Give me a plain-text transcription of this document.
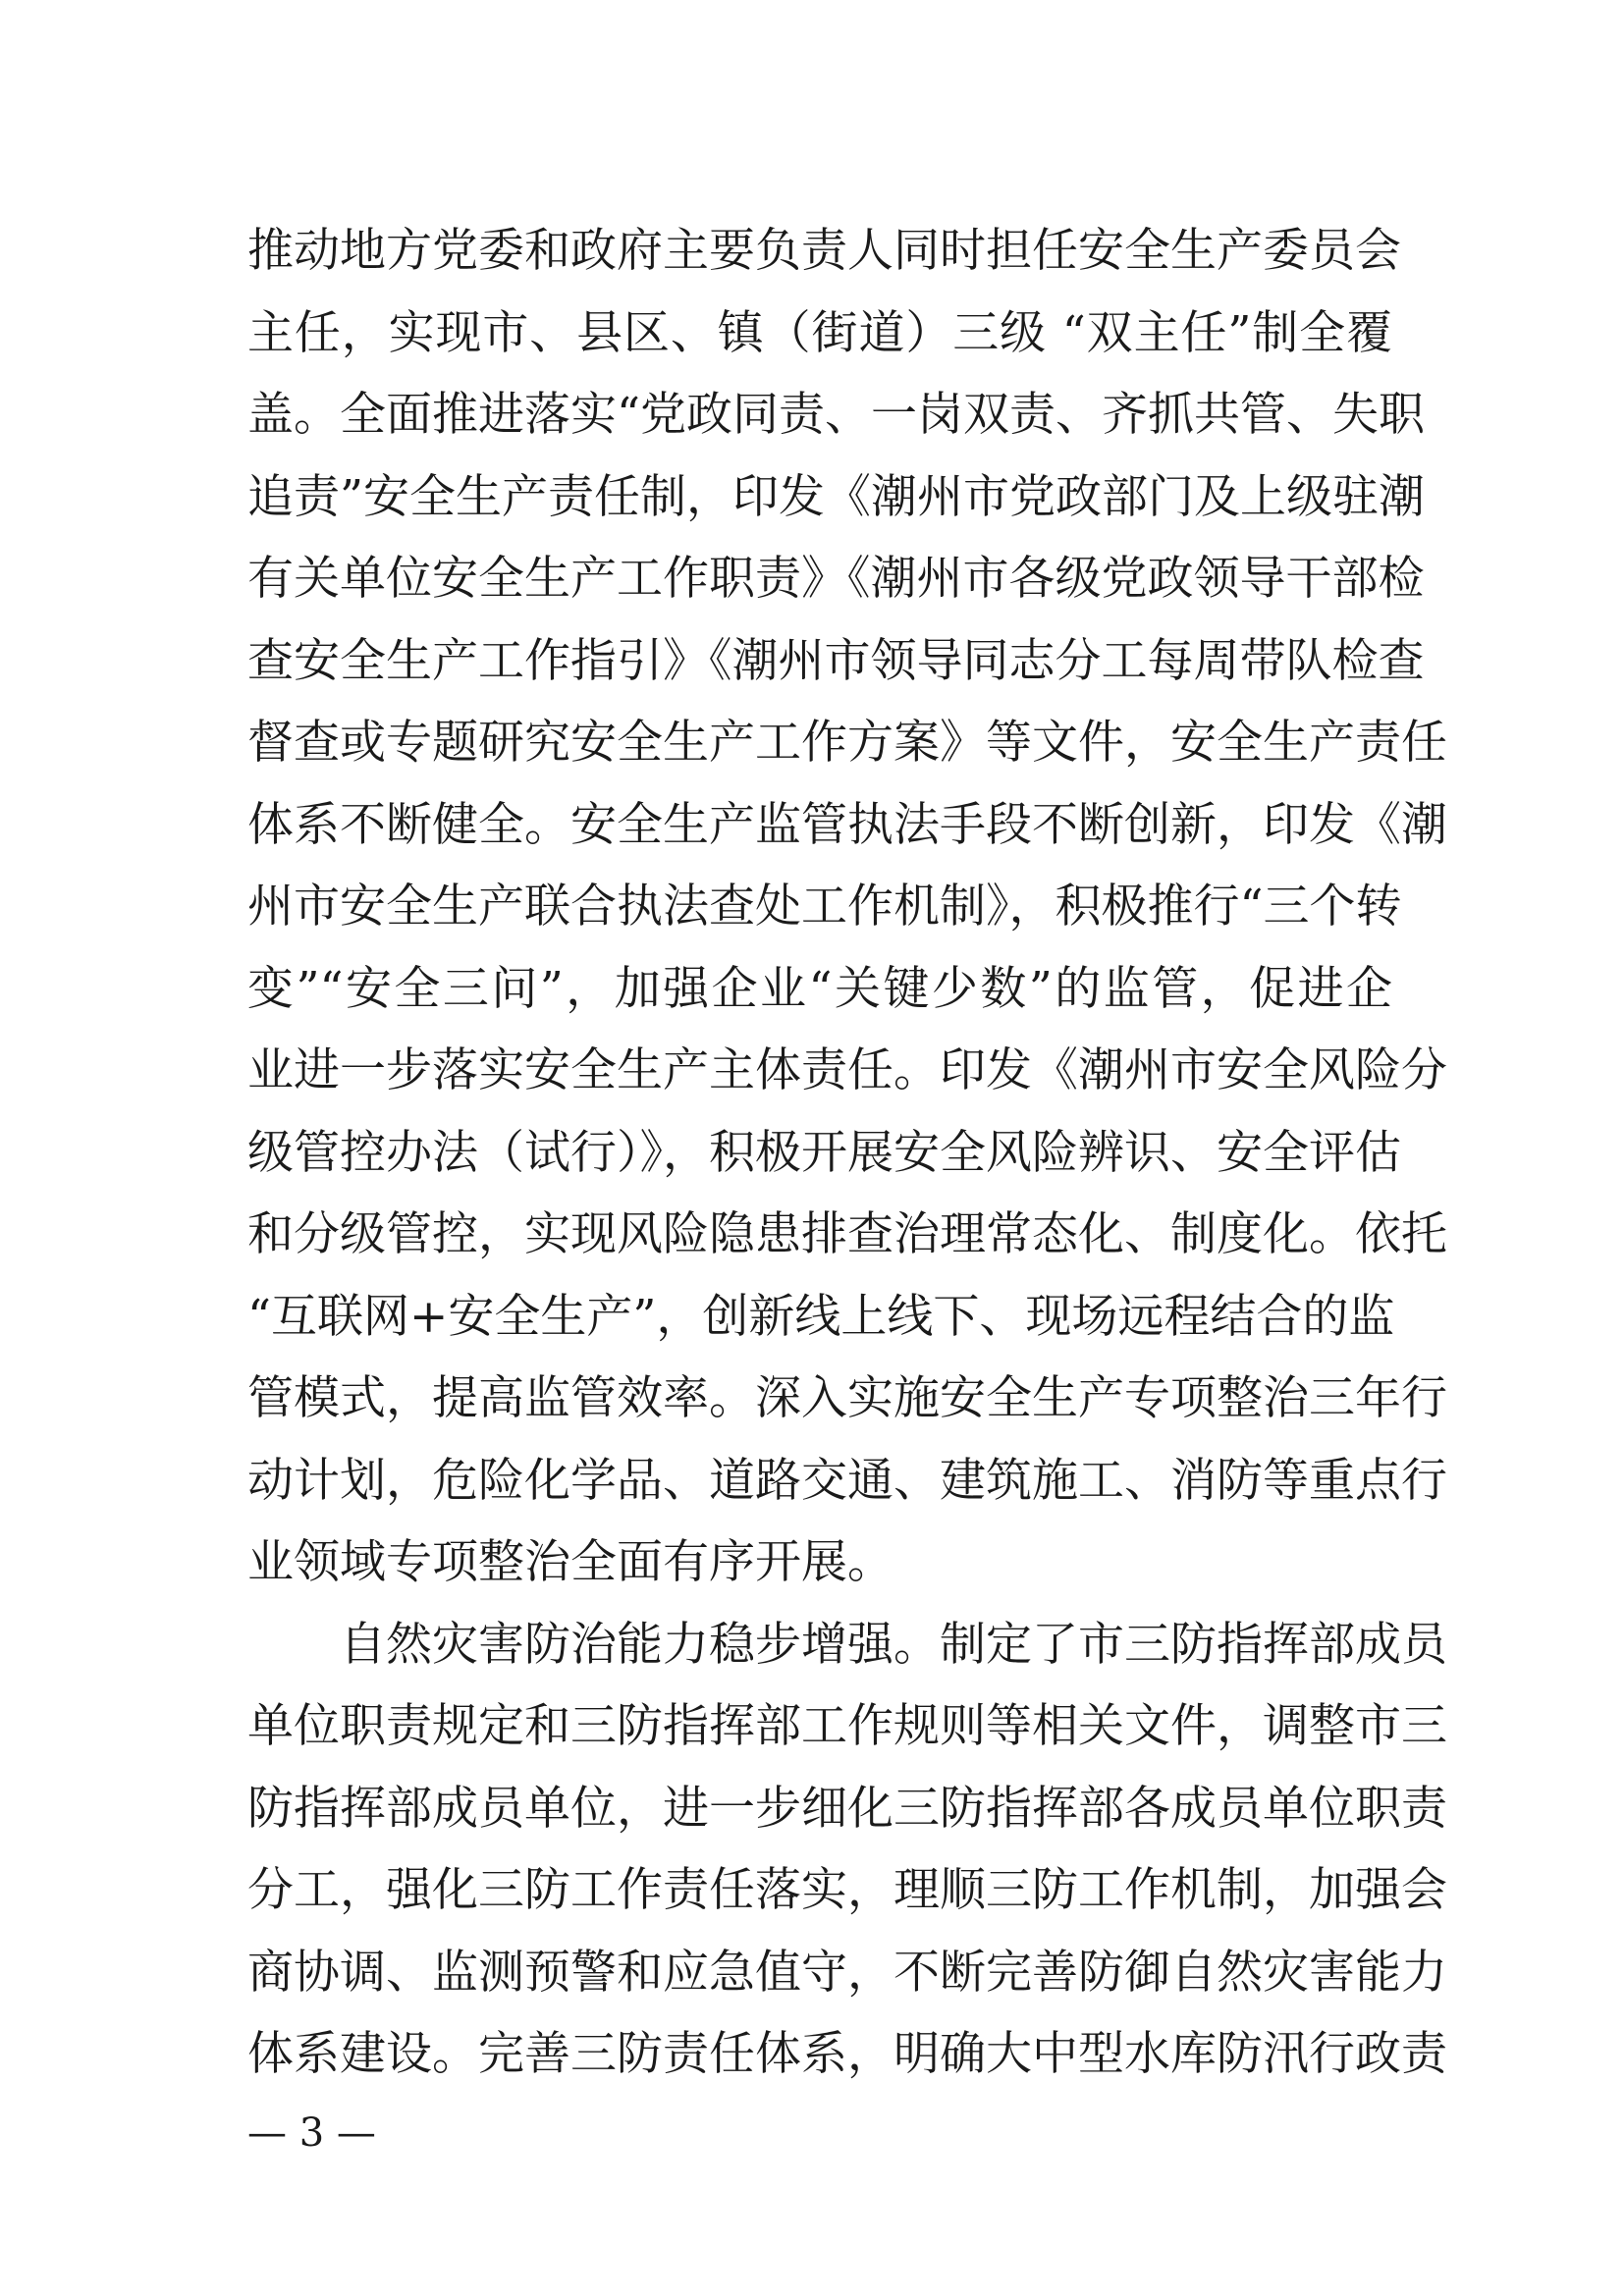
推动地方党委和政府主要负责人同时担任安全生产委员会
主任，实现市、县区、镇（街道）三级 “双主任”制全覆
盖。全面推进落实“党政同责、一岗双责、齐抓共管、失职
追责”安全生产责任制，印发《潮州市党政部门及上级驻潮
有关单位安全生产工作职责》《潮州市各级党政领导干部检
查安全生产工作指引》《潮州市领导同志分工每周带队检查
督查或专题研究安全生产工作方案》等文件，安全生产责任
体系不断健全。安全生产监管执法手段不断创新，印发《潮
州市安全生产联合执法查处工作机制》，积极推行“三个转
变”“安全三问”，加强企业“关键少数”的监管，促进企
业进一步落实安全生产主体责任。印发《潮州市安全风险分
级管控办法（试行）》，积极开展安全风险辨识、安全评估
和分级管控，实现风险隐患排查治理常态化、制度化。依托
“互联网+安全生产”，创新线上线下、现场远程结合的监
管模式，提高监管效率。深入实施安全生产专项整治三年行
动计划，危险化学品、道路交通、建筑施工、消防等重点行
业领域专项整治全面有序开展。
自然灾害防治能力稳步增强。制定了市三防指挥部成员
单位职责规定和三防指挥部工作规则等相关文件，调整市三
防指挥部成员单位，进一步细化三防指挥部各成员单位职责
分工，强化三防工作责任落实，理顺三防工作机制，加强会
商协调、监测预警和应急值守，不断完善防御自然灾害能力
体系建设。完善三防责任体系，明确大中型水库防汛行政责
— 3 —
